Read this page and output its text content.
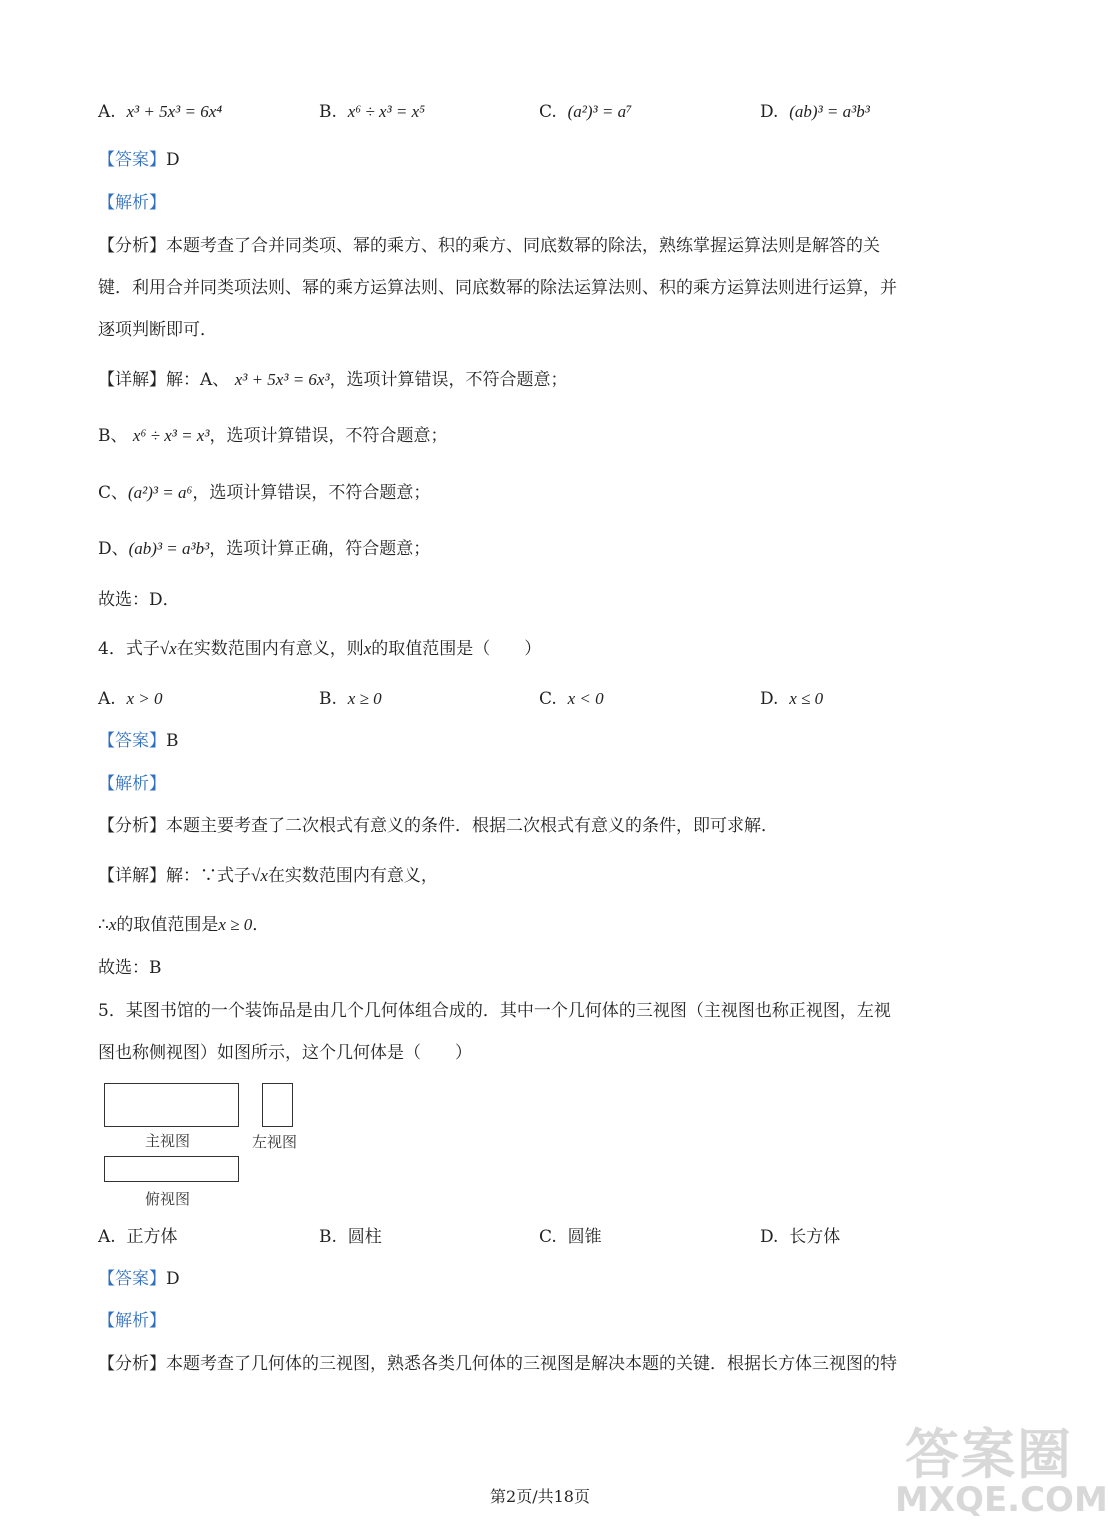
A. x³ + 5x³ = 6x⁴	B. x⁶ ÷ x³ = x⁵	C. (a²)³ = a⁷	D. (ab)³ = a³b³
【答案】D
【解析】
【分析】本题考查了合并同类项、幂的乘方、积的乘方、同底数幂的除法，熟练掌握运算法则是解答的关
键．利用合并同类项法则、幂的乘方运算法则、同底数幂的除法运算法则、积的乘方运算法则进行运算，并
逐项判断即可．
【详解】解：A、 x³ + 5x³ = 6x³，选项计算错误，不符合题意；
B、 x⁶ ÷ x³ = x³，选项计算错误，不符合题意；
C、(a²)³ = a⁶，选项计算错误，不符合题意；
D、(ab)³ = a³b³，选项计算正确，符合题意；
故选：D．
4．式子√x在实数范围内有意义，则x的取值范围是（　　）
A. x > 0	B. x ≥ 0	C. x < 0	D. x ≤ 0
【答案】B
【解析】
【分析】本题主要考查了二次根式有意义的条件．根据二次根式有意义的条件，即可求解．
【详解】解：∵式子√x在实数范围内有意义，
∴x的取值范围是x ≥ 0．
故选：B
5．某图书馆的一个装饰品是由几个几何体组合成的．其中一个几何体的三视图（主视图也称正视图，左视
图也称侧视图）如图所示，这个几何体是（　　）
主视图	左视图
俯视图
A. 正方体	B. 圆柱	C. 圆锥	D. 长方体
【答案】D
【解析】
【分析】本题考查了几何体的三视图，熟悉各类几何体的三视图是解决本题的关键．根据长方体三视图的特
答案圈
MXQE.COM
第2页/共18页
